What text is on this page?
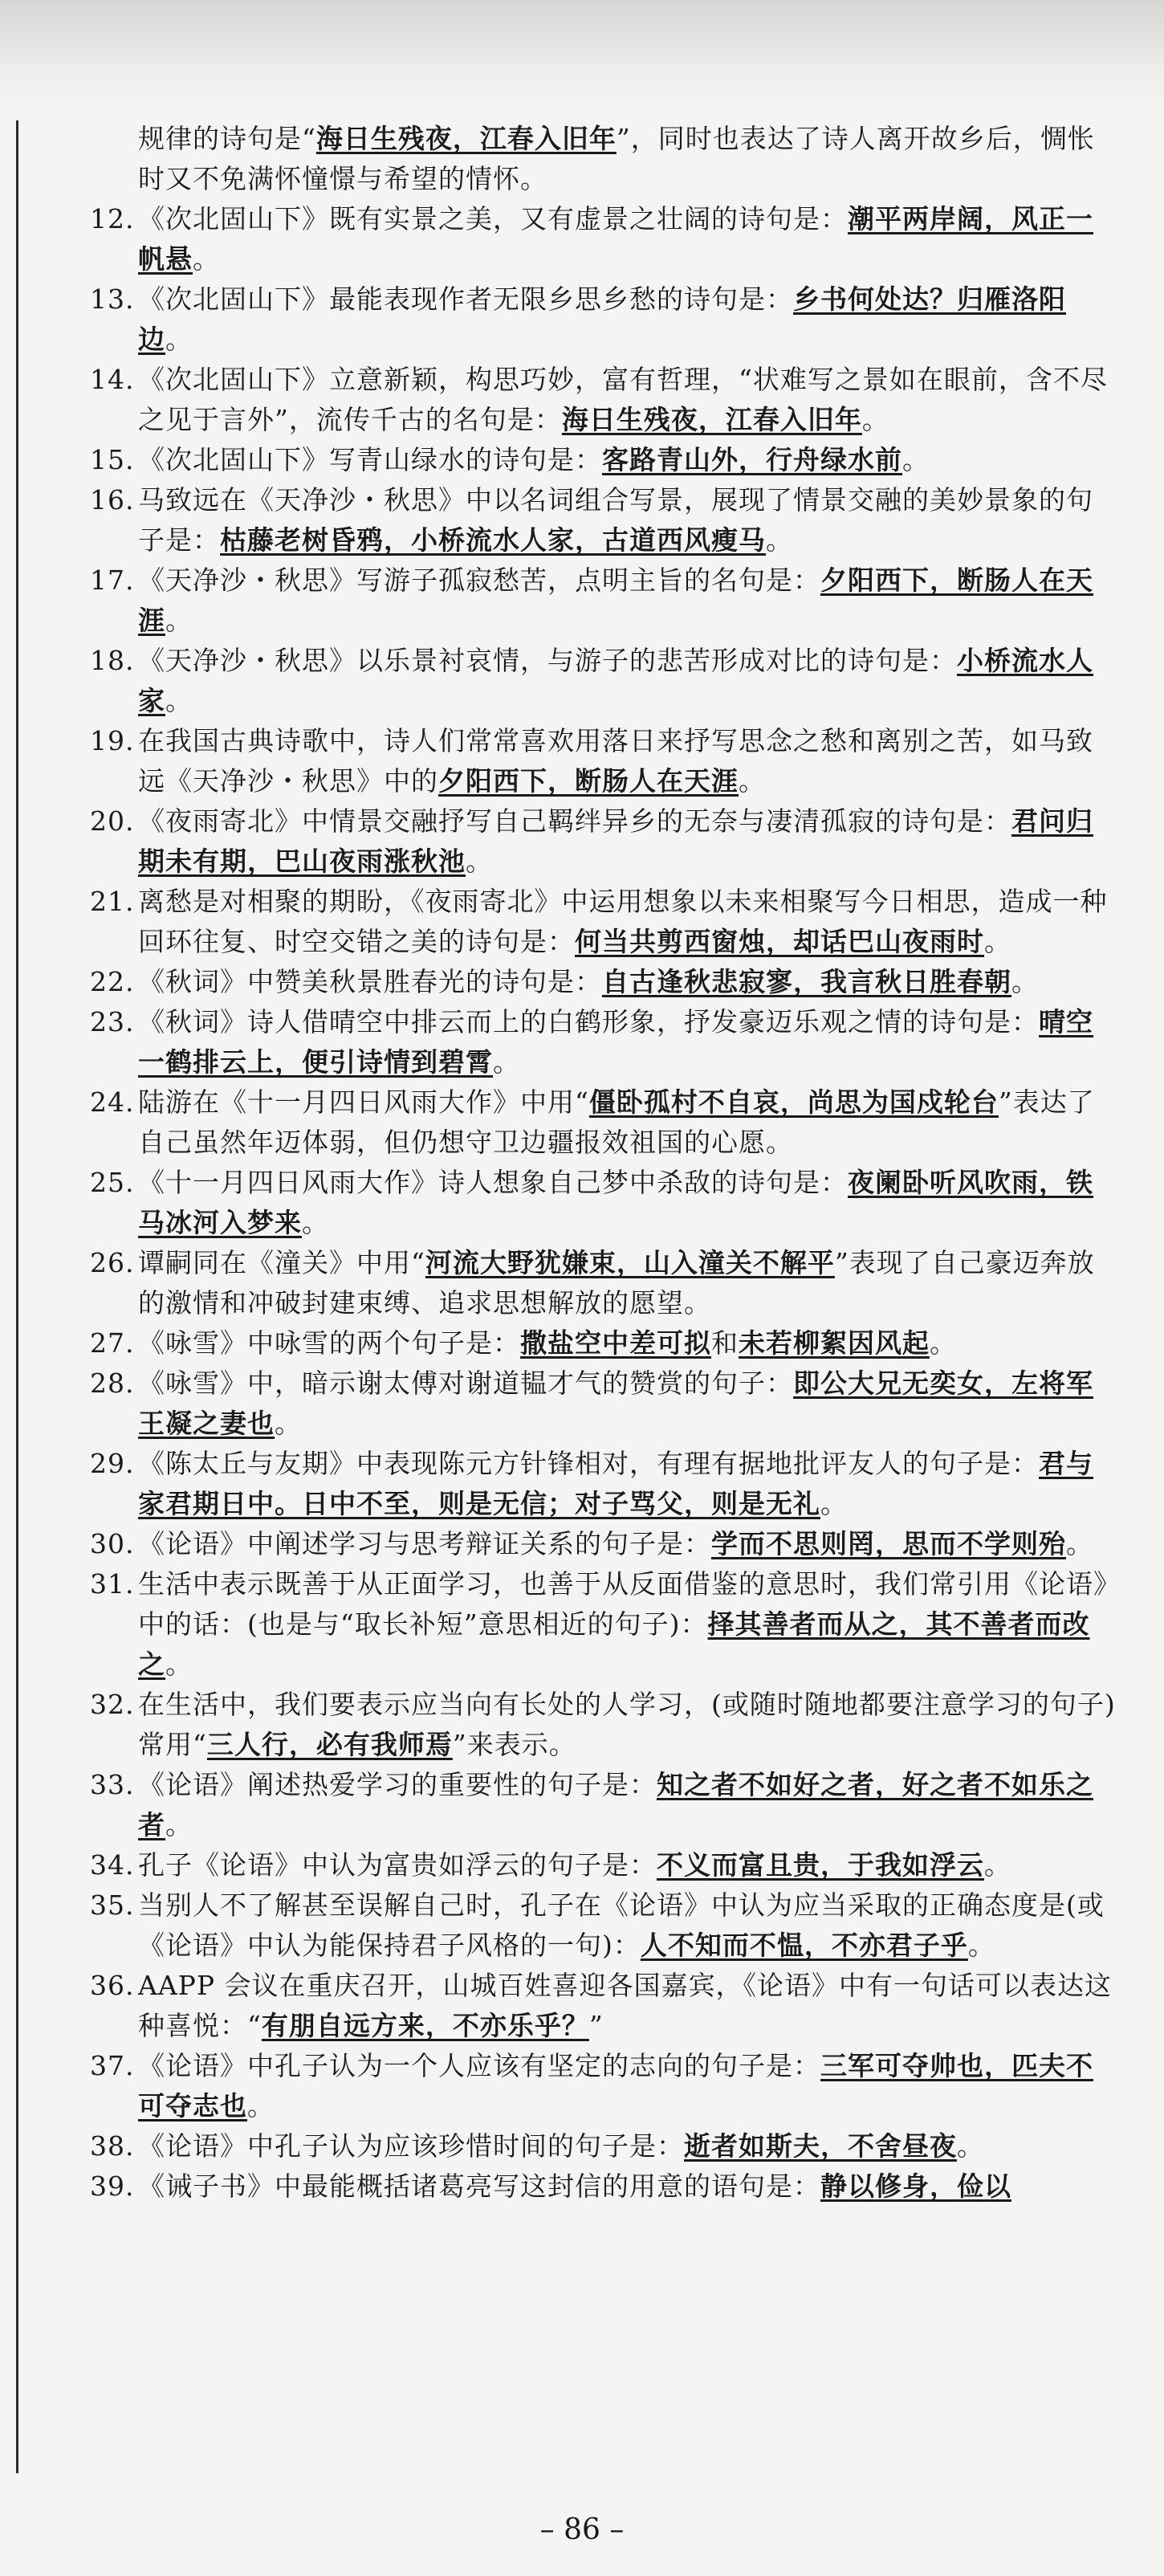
规律的诗句是“海日生残夜，江春入旧年”，同时也表达了诗人离开故乡后，惆怅时又不免满怀憧憬与希望的情怀。

12. 《次北固山下》既有实景之美，又有虚景之壮阔的诗句是：潮平两岸阔，风正一帆悬。

13. 《次北固山下》最能表现作者无限乡思乡愁的诗句是：乡书何处达？归雁洛阳边。

14. 《次北固山下》立意新颖，构思巧妙，富有哲理，“状难写之景如在眼前，含不尽之见于言外”，流传千古的名句是：海日生残夜，江春入旧年。

15. 《次北固山下》写青山绿水的诗句是：客路青山外，行舟绿水前。

16. 马致远在《天净沙・秋思》中以名词组合写景，展现了情景交融的美妙景象的句子是：枯藤老树昏鸦，小桥流水人家，古道西风瘦马。

17. 《天净沙・秋思》写游子孤寂愁苦，点明主旨的名句是：夕阳西下，断肠人在天涯。

18. 《天净沙・秋思》以乐景衬哀情，与游子的悲苦形成对比的诗句是：小桥流水人家。

19. 在我国古典诗歌中，诗人们常常喜欢用落日来抒写思念之愁和离别之苦，如马致远《天净沙・秋思》中的夕阳西下，断肠人在天涯。

20. 《夜雨寄北》中情景交融抒写自己羁绊异乡的无奈与凄清孤寂的诗句是：君问归期未有期，巴山夜雨涨秋池。

21. 离愁是对相聚的期盼，《夜雨寄北》中运用想象以未来相聚写今日相思，造成一种回环往复、时空交错之美的诗句是：何当共剪西窗烛，却话巴山夜雨时。

22. 《秋词》中赞美秋景胜春光的诗句是：自古逢秋悲寂寥，我言秋日胜春朝。

23. 《秋词》诗人借晴空中排云而上的白鹤形象，抒发豪迈乐观之情的诗句是：晴空一鹤排云上，便引诗情到碧霄。

24. 陆游在《十一月四日风雨大作》中用“僵卧孤村不自哀，尚思为国戍轮台”表达了自己虽然年迈体弱，但仍想守卫边疆报效祖国的心愿。

25. 《十一月四日风雨大作》诗人想象自己梦中杀敌的诗句是：夜阑卧听风吹雨，铁马冰河入梦来。

26. 谭嗣同在《潼关》中用“河流大野犹嫌束，山入潼关不解平”表现了自己豪迈奔放的激情和冲破封建束缚、追求思想解放的愿望。

27. 《咏雪》中咏雪的两个句子是：撒盐空中差可拟和未若柳絮因风起。

28. 《咏雪》中，暗示谢太傅对谢道韫才气的赞赏的句子：即公大兄无奕女，左将军王凝之妻也。

29. 《陈太丘与友期》中表现陈元方针锋相对，有理有据地批评友人的句子是：君与家君期日中。日中不至，则是无信；对子骂父，则是无礼。

30. 《论语》中阐述学习与思考辩证关系的句子是：学而不思则罔，思而不学则殆。

31. 生活中表示既善于从正面学习，也善于从反面借鉴的意思时，我们常引用《论语》中的话：(也是与“取长补短”意思相近的句子)：择其善者而从之，其不善者而改之。

32. 在生活中，我们要表示应当向有长处的人学习，(或随时随地都要注意学习的句子)常用“三人行，必有我师焉”来表示。

33. 《论语》阐述热爱学习的重要性的句子是：知之者不如好之者，好之者不如乐之者。

34. 孔子《论语》中认为富贵如浮云的句子是：不义而富且贵，于我如浮云。

35. 当别人不了解甚至误解自己时，孔子在《论语》中认为应当采取的正确态度是(或《论语》中认为能保持君子风格的一句)：人不知而不愠，不亦君子乎。

36. AAPP 会议在重庆召开，山城百姓喜迎各国嘉宾，《论语》中有一句话可以表达这种喜悦：“有朋自远方来，不亦乐乎？”

37. 《论语》中孔子认为一个人应该有坚定的志向的句子是：三军可夺帅也，匹夫不可夺志也。

38. 《论语》中孔子认为应该珍惜时间的句子是：逝者如斯夫，不舍昼夜。

39. 《诫子书》中最能概括诸葛亮写这封信的用意的语句是：静以修身，俭以

– 86 –
